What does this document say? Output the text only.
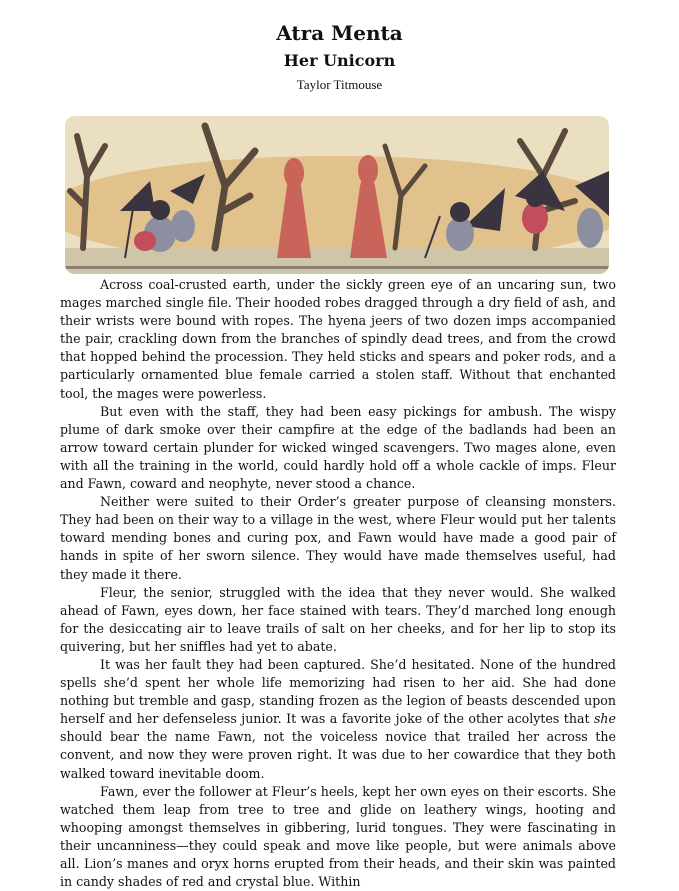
Atra Menta
Her Unicorn
Taylor Titmouse

Across coal-crusted earth, under the sickly green eye of an uncaring sun, two mages marched single file. Their hooded robes dragged through a dry field of ash, and their wrists were bound with ropes. The hyena jeers of two dozen imps accompanied the pair, crackling down from the branches of spindly dead trees, and from the crowd that hopped behind the procession. They held sticks and spears and poker rods, and a particularly ornamented blue female carried a stolen staff. Without that enchanted tool, the mages were powerless.

But even with the staff, they had been easy pickings for ambush. The wispy plume of dark smoke over their campfire at the edge of the badlands had been an arrow toward certain plunder for wicked winged scavengers. Two mages alone, even with all the training in the world, could hardly hold off a whole cackle of imps. Fleur and Fawn, coward and neophyte, never stood a chance.

Neither were suited to their Order’s greater purpose of cleansing monsters. They had been on their way to a village in the west, where Fleur would put her talents toward mending bones and curing pox, and Fawn would have made a good pair of hands in spite of her sworn silence. They would have made themselves useful, had they made it there.

Fleur, the senior, struggled with the idea that they never would. She walked ahead of Fawn, eyes down, her face stained with tears. They’d marched long enough for the desiccating air to leave trails of salt on her cheeks, and for her lip to stop its quivering, but her sniffles had yet to abate.

It was her fault they had been captured. She’d hesitated. None of the hundred spells she’d spent her whole life memorizing had risen to her aid. She had done nothing but tremble and gasp, standing frozen as the legion of beasts descended upon herself and her defenseless junior. It was a favorite joke of the other acolytes that she should bear the name Fawn, not the voiceless novice that trailed her across the convent, and now they were proven right. It was due to her cowardice that they both walked toward inevitable doom.

Fawn, ever the follower at Fleur’s heels, kept her own eyes on their escorts. She watched them leap from tree to tree and glide on leathery wings, hooting and whooping amongst themselves in gibbering, lurid tongues. They were fascinating in their uncanniness—they could speak and move like people, but were animals above all. Lion’s manes and oryx horns erupted from their heads, and their skin was painted in candy shades of red and crystal blue. Within
